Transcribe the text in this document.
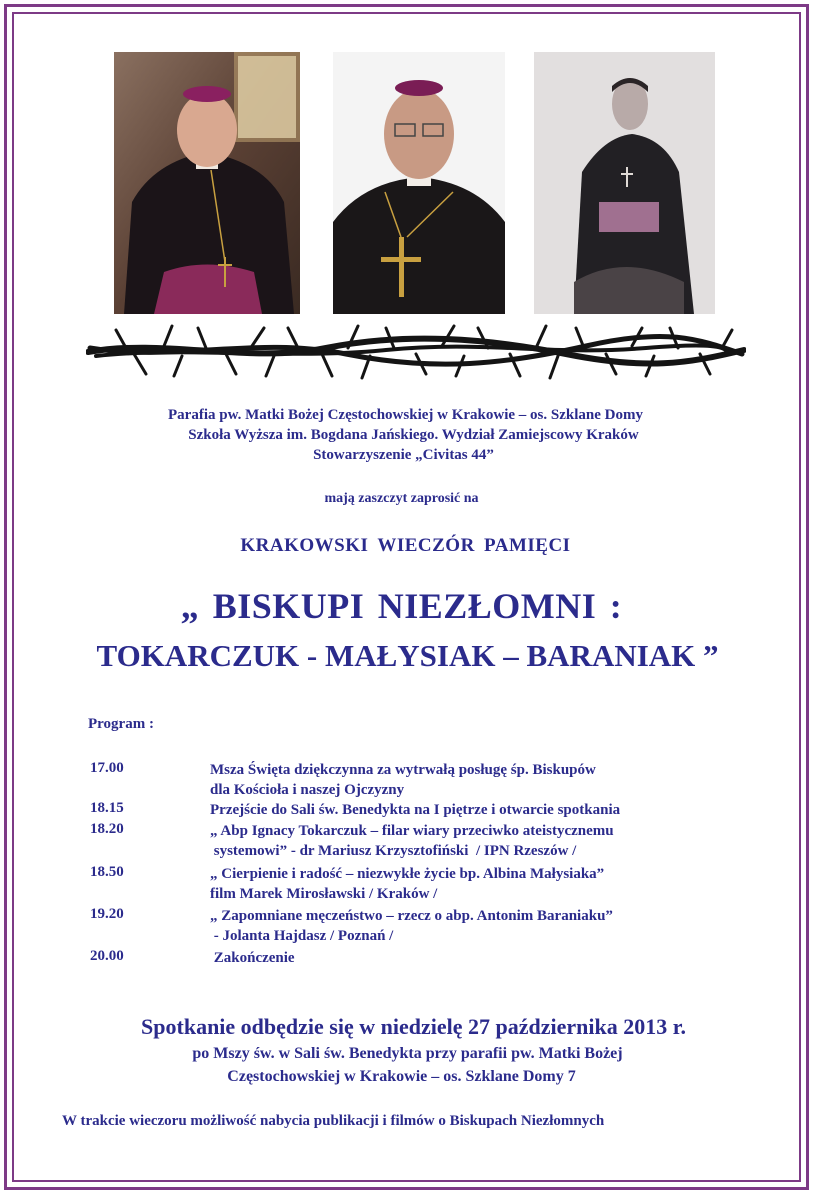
Parafia pw. Matki Bożej Częstochowskiej w Krakowie – os. Szklane Domy
Szkoła Wyższa im. Bogdana Jańskiego. Wydział Zamiejscowy Kraków
Stowarzyszenie „Civitas 44”
mają zaszczyt zaprosić na
KRAKOWSKI WIECZÓR PAMIĘCI
„ BISKUPI NIEZŁOMNI :
TOKARCZUK - MAŁYSIAK – BARANIAK ”
Program :
17.00	Msza Święta dziękczynna za wytrwałą posługę śp. Biskupów
dla Kościoła i naszej Ojczyzny
18.15	Przejście do Sali św. Benedykta na I piętrze i otwarcie spotkania
18.20	„ Abp Ignacy Tokarczuk – filar wiary przeciwko ateistycznemu
systemowi” - dr Mariusz Krzysztofiński  / IPN Rzeszów /
18.50	„ Cierpienie i radość – niezwykłe życie bp. Albina Małysiaka”
film Marek Mirosławski / Kraków /
19.20	„ Zapomniane męczeństwo – rzecz o abp. Antonim Baraniaku”
- Jolanta Hajdasz / Poznań /
20.00	Zakończenie
Spotkanie odbędzie się w niedzielę 27 października 2013 r.
po Mszy św. w Sali św. Benedykta przy parafii pw. Matki Bożej
Częstochowskiej w Krakowie – os. Szklane Domy 7
W trakcie wieczoru możliwość nabycia publikacji i filmów o Biskupach Niezłomnych
